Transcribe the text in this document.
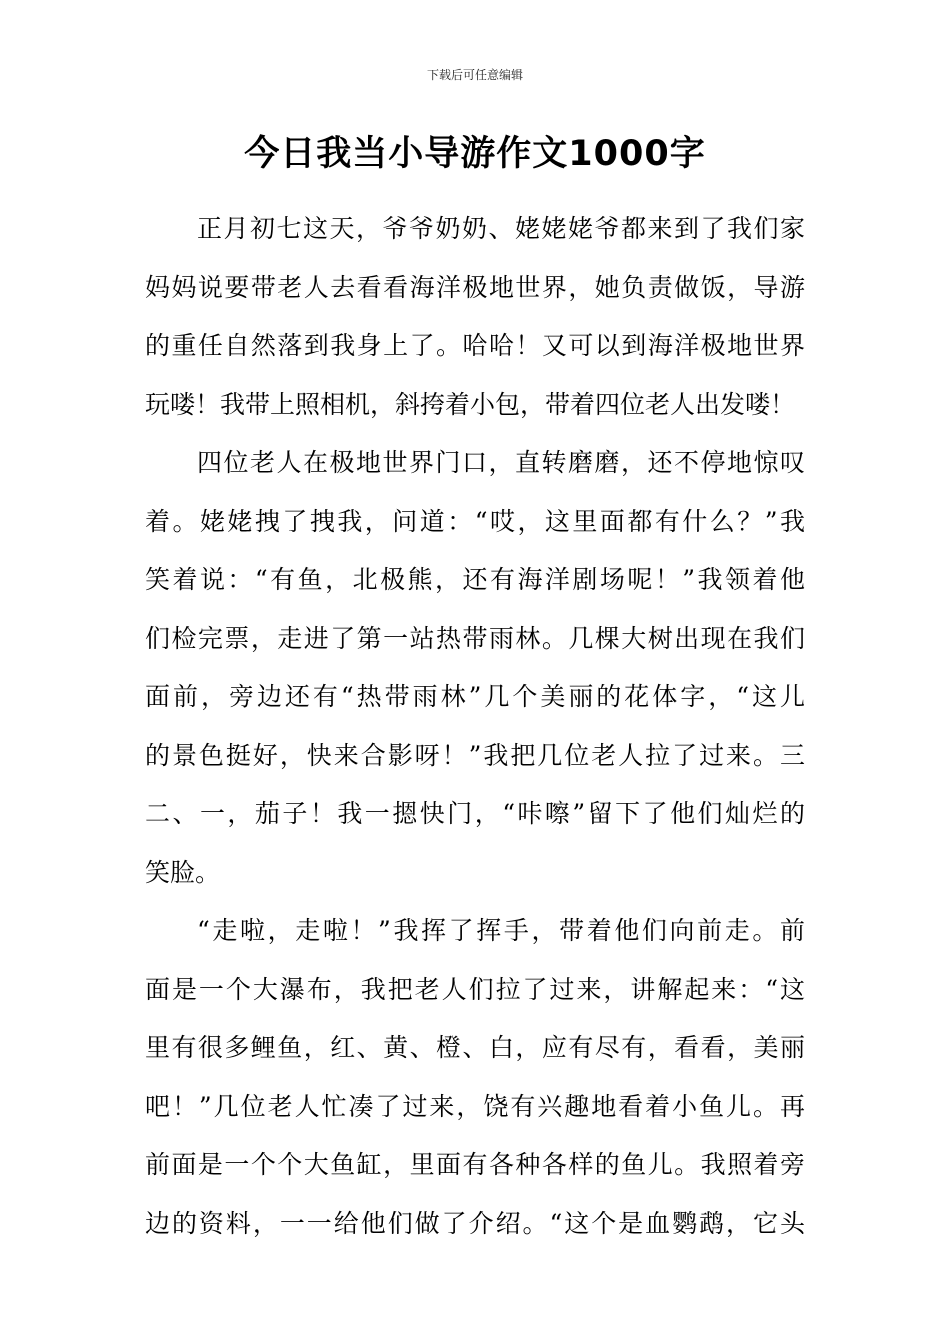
下载后可任意编辑
今日我当小导游作文1000字
正月初七这天，爷爷奶奶、姥姥姥爷都来到了我们家
妈妈说要带老人去看看海洋极地世界，她负责做饭，导游
的重任自然落到我身上了。哈哈！又可以到海洋极地世界
玩喽！我带上照相机，斜挎着小包，带着四位老人出发喽！
四位老人在极地世界门口，直转磨磨，还不停地惊叹
着。姥姥拽了拽我，问道：“哎，这里面都有什么？”我
笑着说：“有鱼，北极熊，还有海洋剧场呢！”我领着他
们检完票，走进了第一站热带雨林。几棵大树出现在我们
面前，旁边还有“热带雨林”几个美丽的花体字，“这儿
的景色挺好，快来合影呀！”我把几位老人拉了过来。三
二、一，茄子！我一摁快门，“咔嚓”留下了他们灿烂的
笑脸。
“走啦，走啦！”我挥了挥手，带着他们向前走。前
面是一个大瀑布，我把老人们拉了过来，讲解起来：“这
里有很多鲤鱼，红、黄、橙、白，应有尽有，看看，美丽
吧！”几位老人忙凑了过来，饶有兴趣地看着小鱼儿。再
前面是一个个大鱼缸，里面有各种各样的鱼儿。我照着旁
边的资料，一一给他们做了介绍。“这个是血鹦鹉，它头
